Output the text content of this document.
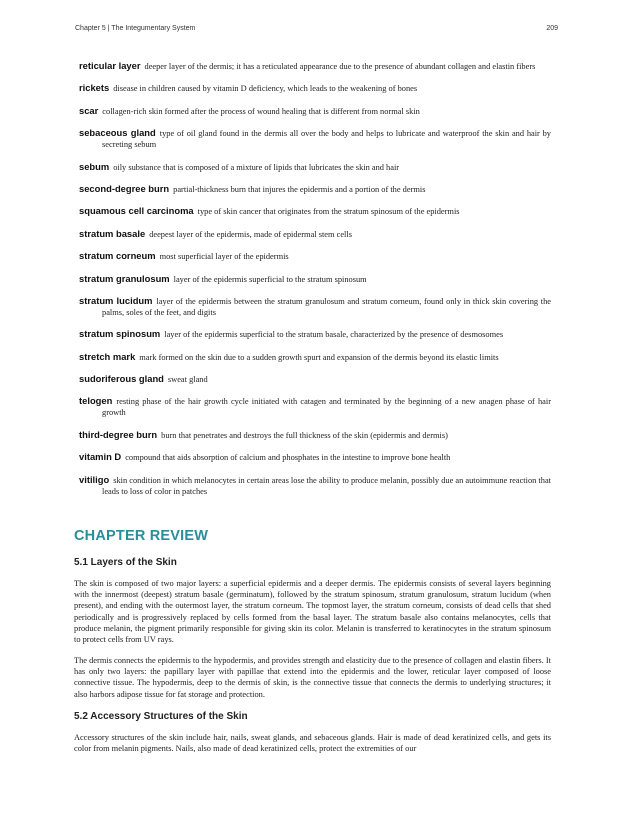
Chapter 5 | The Integumentary System	209

reticular layer deeper layer of the dermis; it has a reticulated appearance due to the presence of abundant collagen and elastin fibers

rickets disease in children caused by vitamin D deficiency, which leads to the weakening of bones

scar collagen-rich skin formed after the process of wound healing that is different from normal skin

sebaceous gland type of oil gland found in the dermis all over the body and helps to lubricate and waterproof the skin and hair by secreting sebum

sebum oily substance that is composed of a mixture of lipids that lubricates the skin and hair

second-degree burn partial-thickness burn that injures the epidermis and a portion of the dermis

squamous cell carcinoma type of skin cancer that originates from the stratum spinosum of the epidermis

stratum basale deepest layer of the epidermis, made of epidermal stem cells

stratum corneum most superficial layer of the epidermis

stratum granulosum layer of the epidermis superficial to the stratum spinosum

stratum lucidum layer of the epidermis between the stratum granulosum and stratum corneum, found only in thick skin covering the palms, soles of the feet, and digits

stratum spinosum layer of the epidermis superficial to the stratum basale, characterized by the presence of desmosomes

stretch mark mark formed on the skin due to a sudden growth spurt and expansion of the dermis beyond its elastic limits

sudoriferous gland sweat gland

telogen resting phase of the hair growth cycle initiated with catagen and terminated by the beginning of a new anagen phase of hair growth

third-degree burn burn that penetrates and destroys the full thickness of the skin (epidermis and dermis)

vitamin D compound that aids absorption of calcium and phosphates in the intestine to improve bone health

vitiligo skin condition in which melanocytes in certain areas lose the ability to produce melanin, possibly due an autoimmune reaction that leads to loss of color in patches

CHAPTER REVIEW
5.1 Layers of the Skin

The skin is composed of two major layers: a superficial epidermis and a deeper dermis. The epidermis consists of several layers beginning with the innermost (deepest) stratum basale (germinatum), followed by the stratum spinosum, stratum granulosum, stratum lucidum (when present), and ending with the outermost layer, the stratum corneum. The topmost layer, the stratum corneum, consists of dead cells that shed periodically and is progressively replaced by cells formed from the basal layer. The stratum basale also contains melanocytes, cells that produce melanin, the pigment primarily responsible for giving skin its color. Melanin is transferred to keratinocytes in the stratum spinosum to protect cells from UV rays.

The dermis connects the epidermis to the hypodermis, and provides strength and elasticity due to the presence of collagen and elastin fibers. It has only two layers: the papillary layer with papillae that extend into the epidermis and the lower, reticular layer composed of loose connective tissue. The hypodermis, deep to the dermis of skin, is the connective tissue that connects the dermis to underlying structures; it also harbors adipose tissue for fat storage and protection.

5.2 Accessory Structures of the Skin

Accessory structures of the skin include hair, nails, sweat glands, and sebaceous glands. Hair is made of dead keratinized cells, and gets its color from melanin pigments. Nails, also made of dead keratinized cells, protect the extremities of our
